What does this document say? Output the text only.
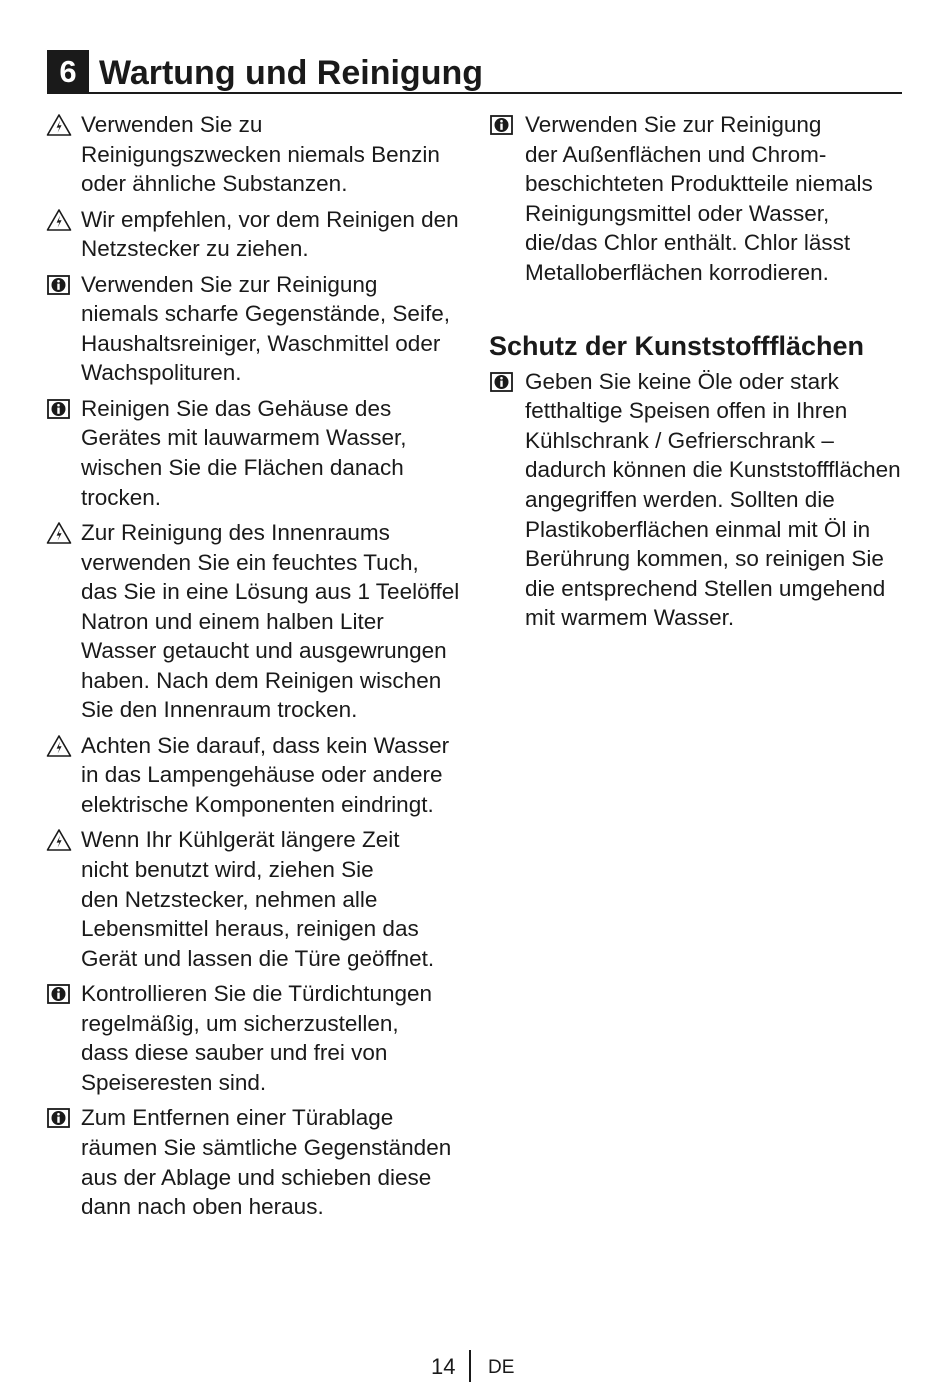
6 Wartung und Reinigung
Verwenden Sie zu
Reinigungszwecken niemals Benzin
oder ähnliche Substanzen.
Wir empfehlen, vor dem Reinigen den
Netzstecker zu ziehen.
Verwenden Sie zur Reinigung
niemals scharfe Gegenstände, Seife,
Haushaltsreiniger, Waschmittel oder
Wachspolituren.
Reinigen Sie das Gehäuse des
Gerätes mit lauwarmem Wasser,
wischen Sie die Flächen danach
trocken.
Zur Reinigung des Innenraums
verwenden Sie ein feuchtes Tuch,
das Sie in eine Lösung aus 1 Teelöffel
Natron und einem halben Liter
Wasser getaucht und ausgewrungen
haben. Nach dem Reinigen wischen
Sie den Innenraum trocken.
Achten Sie darauf, dass kein Wasser
in das Lampengehäuse oder andere
elektrische Komponenten eindringt.
Wenn Ihr Kühlgerät längere Zeit
nicht benutzt wird, ziehen Sie
den Netzstecker, nehmen alle
Lebensmittel heraus, reinigen das
Gerät und lassen die Türe geöffnet.
Kontrollieren Sie die Türdichtungen
regelmäßig, um sicherzustellen,
dass diese sauber und frei von
Speiseresten sind.
Zum Entfernen einer Türablage
räumen Sie sämtliche Gegenständen
aus der Ablage und schieben diese
dann nach oben heraus.
Verwenden Sie zur Reinigung
der Außenflächen und Chrom-
beschichteten Produktteile niemals
Reinigungsmittel oder Wasser,
die/das Chlor enthält. Chlor lässt
Metalloberflächen korrodieren.
Schutz der Kunststoffflächen
Geben Sie keine Öle oder stark
fetthaltige Speisen offen in Ihren
Kühlschrank / Gefrierschrank –
dadurch können die Kunststoffflächen
angegriffen werden. Sollten die
Plastikoberflächen einmal mit Öl in
Berührung kommen, so reinigen Sie
die entsprechend Stellen umgehend
mit warmem Wasser.
14 DE
